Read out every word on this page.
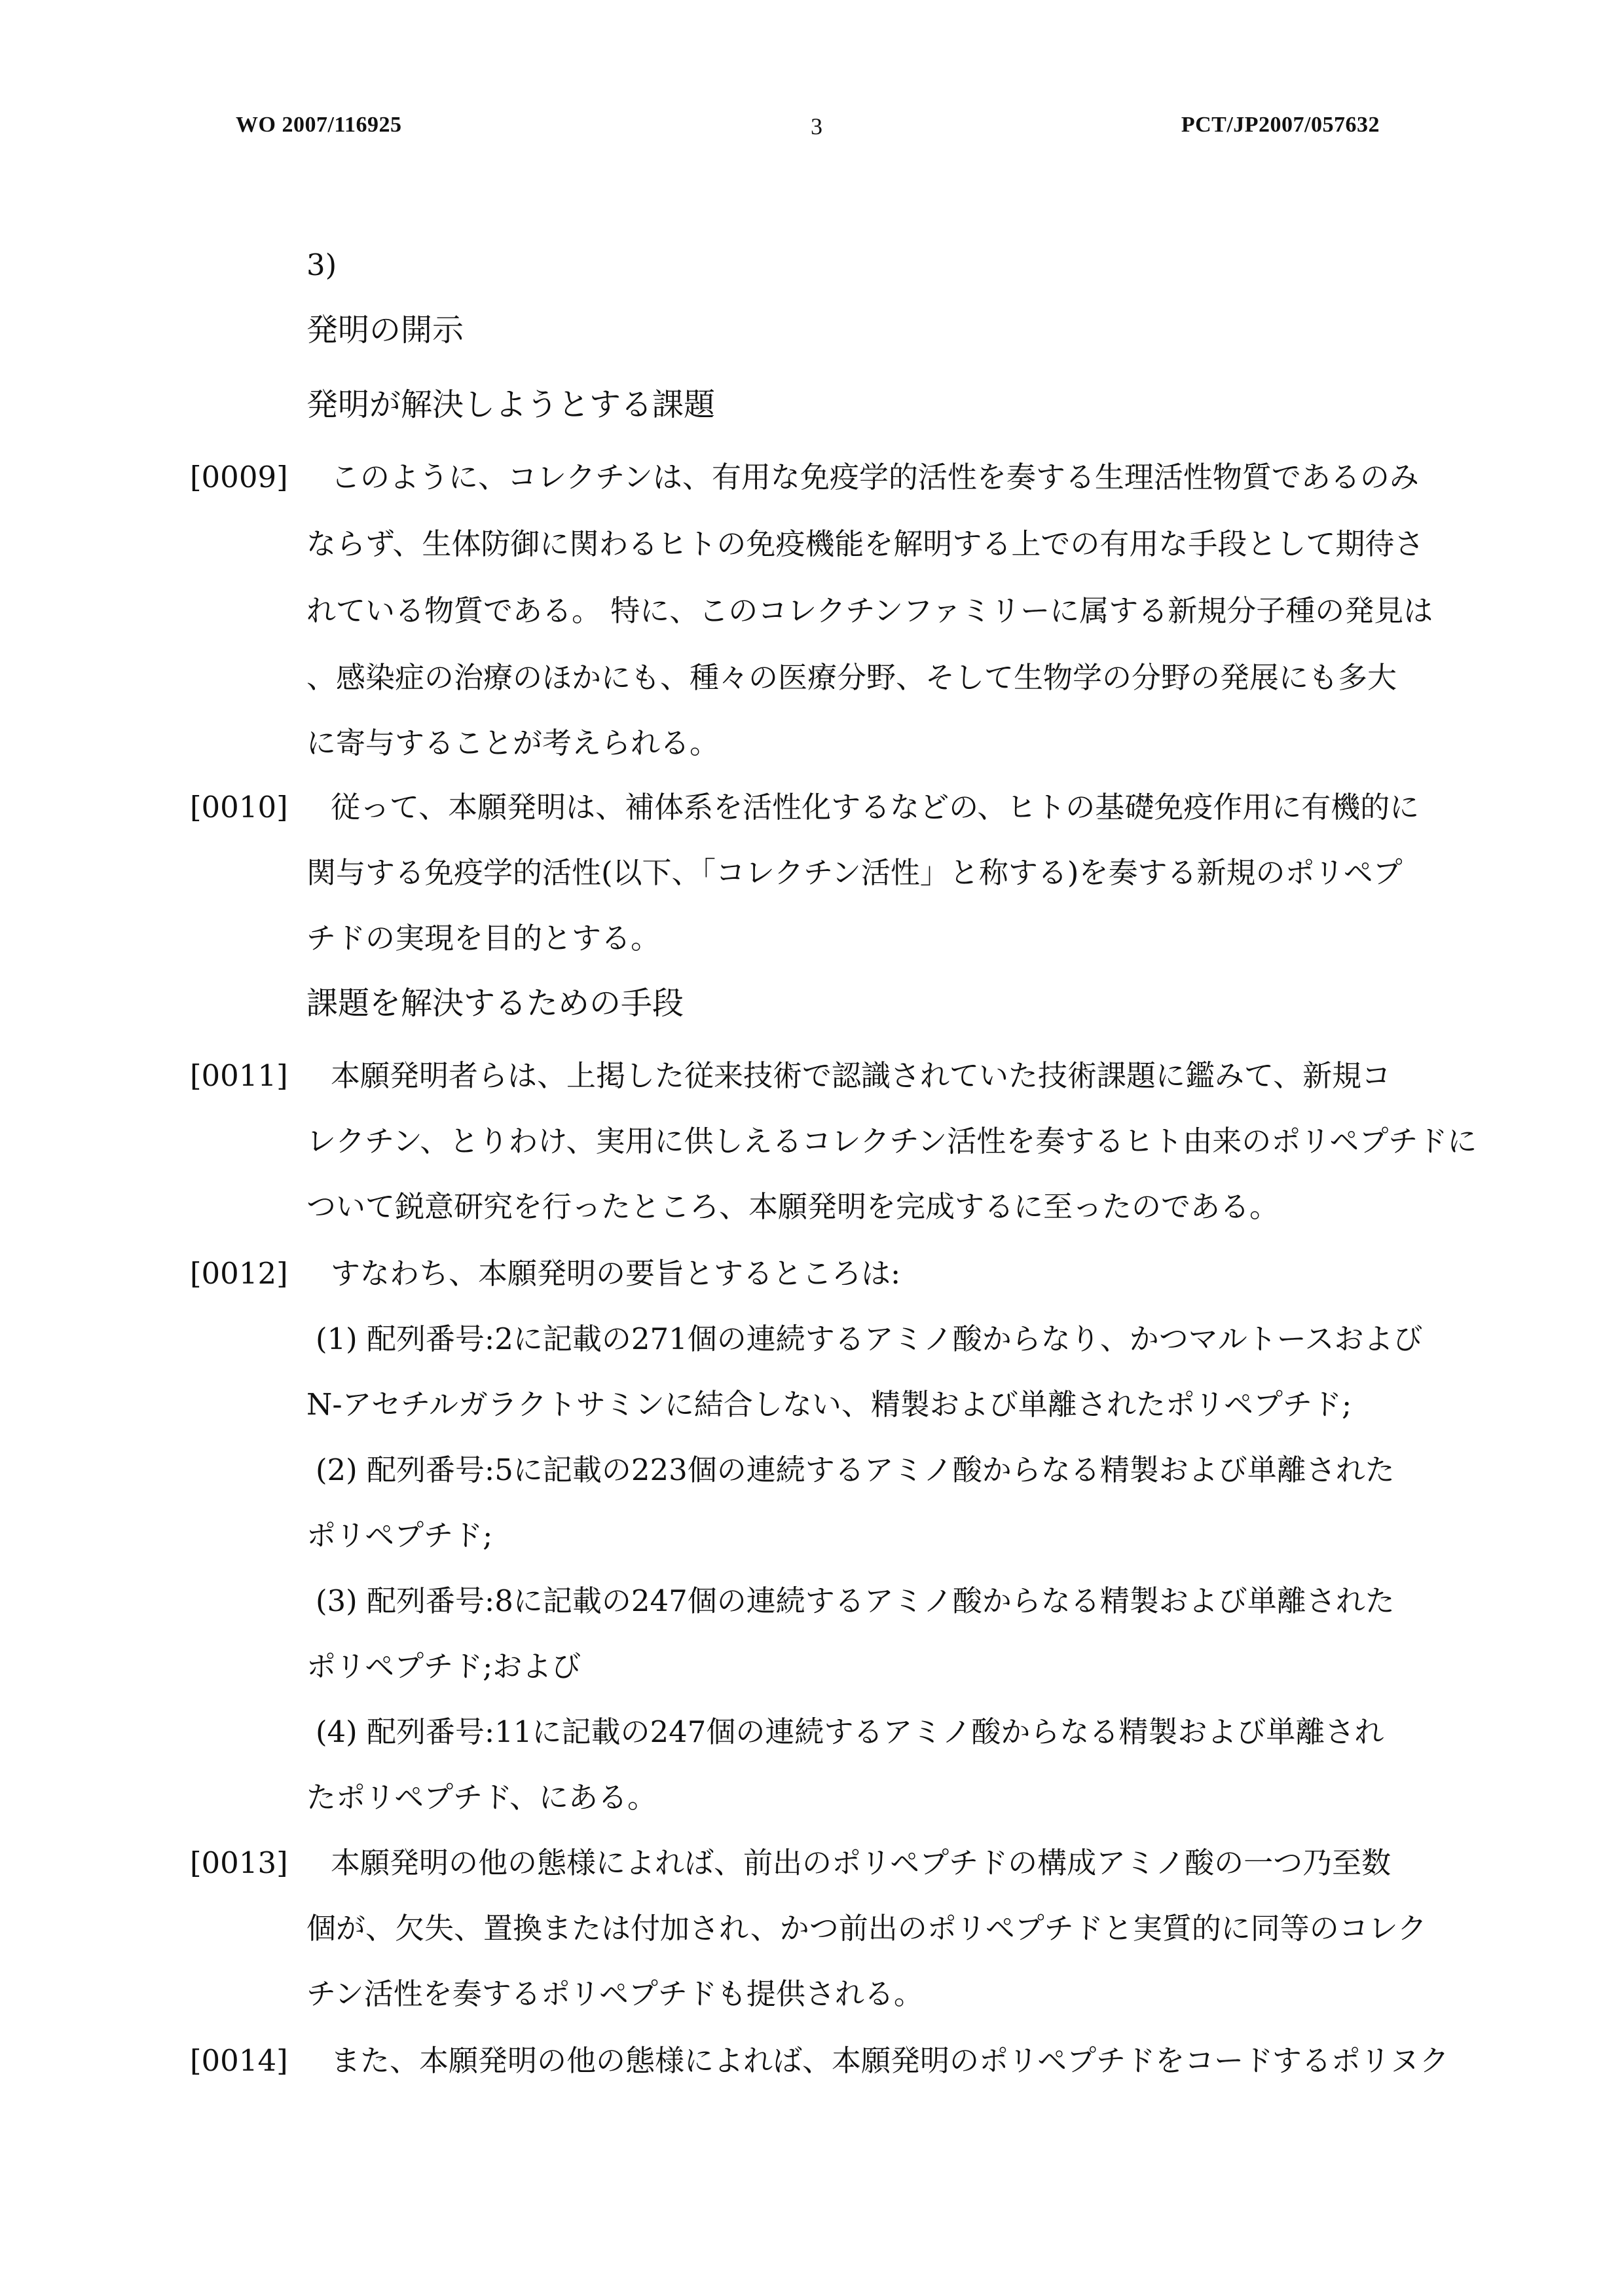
WO 2007/116925	3	PCT/JP2007/057632
3)
発明の開示
発明が解決しようとする課題
[0009] このように、コレクチンは、有用な免疫学的活性を奏する生理活性物質であるのみ
ならず、生体防御に関わるヒトの免疫機能を解明する上での有用な手段として期待さ
れている物質である。 特に、このコレクチンファミリーに属する新規分子種の発見は
、感染症の治療のほかにも、種々の医療分野、そして生物学の分野の発展にも多大
に寄与することが考えられる。
[0010] 従って、本願発明は、補体系を活性化するなどの、ヒトの基礎免疫作用に有機的に
関与する免疫学的活性(以下、「コレクチン活性」と称する)を奏する新規のポリペプ
チドの実現を目的とする。
課題を解決するための手段
[0011] 本願発明者らは、上掲した従来技術で認識されていた技術課題に鑑みて、新規コ
レクチン、とりわけ、実用に供しえるコレクチン活性を奏するヒト由来のポリペプチドに
ついて鋭意研究を行ったところ、本願発明を完成するに至ったのである。
[0012] すなわち、本願発明の要旨とするところは:
(1) 配列番号:2に記載の271個の連続するアミノ酸からなり、かつマルトースおよび
N-アセチルガラクトサミンに結合しない、精製および単離されたポリペプチド;
(2) 配列番号:5に記載の223個の連続するアミノ酸からなる精製および単離された
ポリペプチド;
(3) 配列番号:8に記載の247個の連続するアミノ酸からなる精製および単離された
ポリペプチド;および
(4) 配列番号:11に記載の247個の連続するアミノ酸からなる精製および単離され
たポリペプチド、にある。
[0013] 本願発明の他の態様によれば、前出のポリペプチドの構成アミノ酸の一つ乃至数
個が、欠失、置換または付加され、かつ前出のポリペプチドと実質的に同等のコレク
チン活性を奏するポリペプチドも提供される。
[0014] また、本願発明の他の態様によれば、本願発明のポリペプチドをコードするポリヌク
